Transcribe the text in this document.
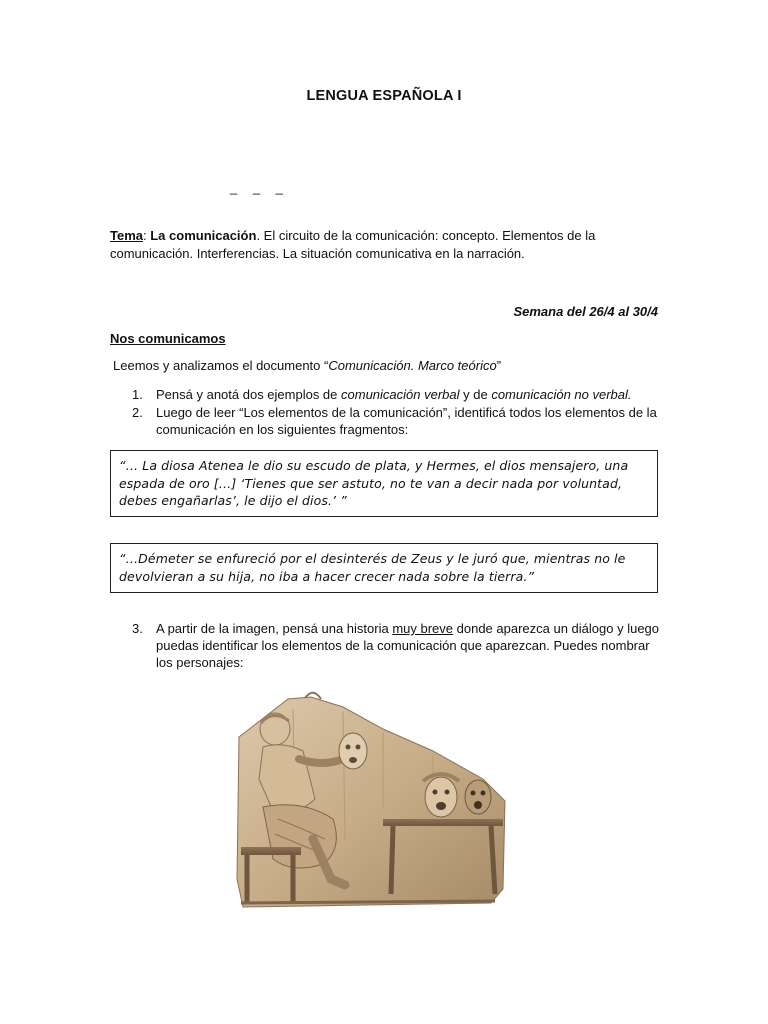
LENGUA ESPAÑOLA I
_ _ _
Tema: La comunicación. El circuito de la comunicación: concepto. Elementos de la comunicación. Interferencias. La situación comunicativa en la narración.
Semana del 26/4 al 30/4
Nos comunicamos
Leemos y analizamos el documento “Comunicación. Marco teórico”
1. Pensá y anotá dos ejemplos de comunicación verbal y de comunicación no verbal.
2. Luego de leer “Los elementos de la comunicación”, identificá todos los elementos de la comunicación en los siguientes fragmentos:
“… La diosa Atenea le dio su escudo de plata, y Hermes, el dios mensajero, una espada de oro […] ‘Tienes que ser astuto, no te van a decir nada por voluntad, debes engañarlas’, le dijo el dios.’ ”
“…Démeter se enfureció por el desinterés de Zeus y le juró que, mientras no le devolvieran a su hija, no iba a hacer crecer nada sobre la tierra.”
3. A partir de la imagen, pensá una historia muy breve donde aparezca un diálogo y luego puedas identificar los elementos de la comunicación que aparezcan. Puedes nombrar los personajes:
